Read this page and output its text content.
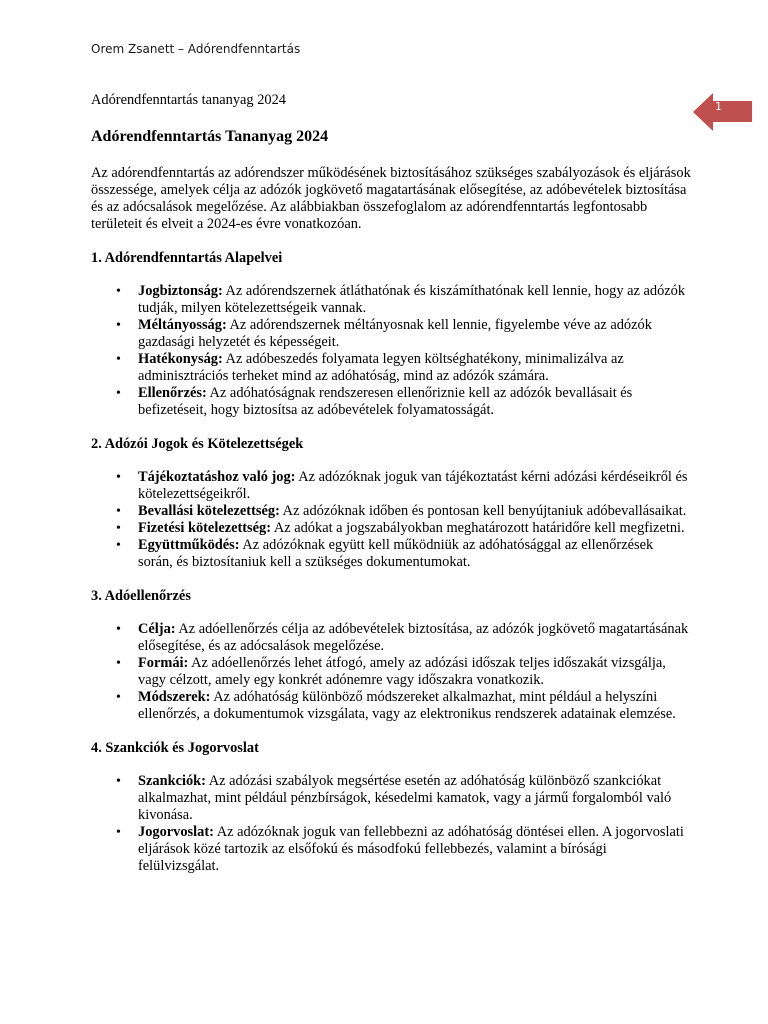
Orem Zsanett – Adórendfenntartás
1

Adórendfenntartás tananyag 2024

Adórendfenntartás Tananyag 2024

Az adórendfenntartás az adórendszer működésének biztosításához szükséges szabályozások és eljárások összessége, amelyek célja az adózók jogkövető magatartásának elősegítése, az adóbevételek biztosítása és az adócsalások megelőzése. Az alábbiakban összefoglalom az adórendfenntartás legfontosabb területeit és elveit a 2024-es évre vonatkozóan.

1. Adórendfenntartás Alapelvei
• Jogbiztonság: Az adórendszernek átláthatónak és kiszámíthatónak kell lennie, hogy az adózók tudják, milyen kötelezettségeik vannak.
• Méltányosság: Az adórendszernek méltányosnak kell lennie, figyelembe véve az adózók gazdasági helyzetét és képességeit.
• Hatékonyság: Az adóbeszedés folyamata legyen költséghatékony, minimalizálva az adminisztrációs terheket mind az adóhatóság, mind az adózók számára.
• Ellenőrzés: Az adóhatóságnak rendszeresen ellenőriznie kell az adózók bevallásait és befizetéseit, hogy biztosítsa az adóbevételek folyamatosságát.
2. Adózói Jogok és Kötelezettségek
• Tájékoztatáshoz való jog: Az adózóknak joguk van tájékoztatást kérni adózási kérdéseikről és kötelezettségeikről.
• Bevallási kötelezettség: Az adózóknak időben és pontosan kell benyújtaniuk adóbevallásaikat.
• Fizetési kötelezettség: Az adókat a jogszabályokban meghatározott határidőre kell megfizetni.
• Együttműködés: Az adózóknak együtt kell működniük az adóhatósággal az ellenőrzések során, és biztosítaniuk kell a szükséges dokumentumokat.
3. Adóellenőrzés
• Célja: Az adóellenőrzés célja az adóbevételek biztosítása, az adózók jogkövető magatartásának elősegítése, és az adócsalások megelőzése.
• Formái: Az adóellenőrzés lehet átfogó, amely az adózási időszak teljes időszakát vizsgálja, vagy célzott, amely egy konkrét adónemre vagy időszakra vonatkozik.
• Módszerek: Az adóhatóság különböző módszereket alkalmazhat, mint például a helyszíni ellenőrzés, a dokumentumok vizsgálata, vagy az elektronikus rendszerek adatainak elemzése.
4. Szankciók és Jogorvoslat
• Szankciók: Az adózási szabályok megsértése esetén az adóhatóság különböző szankciókat alkalmazhat, mint például pénzbírságok, késedelmi kamatok, vagy a jármű forgalomból való kivonása.
• Jogorvoslat: Az adózóknak joguk van fellebbezni az adóhatóság döntései ellen. A jogorvoslati eljárások közé tartozik az elsőfokú és másodfokú fellebbezés, valamint a bírósági felülvizsgálat.
